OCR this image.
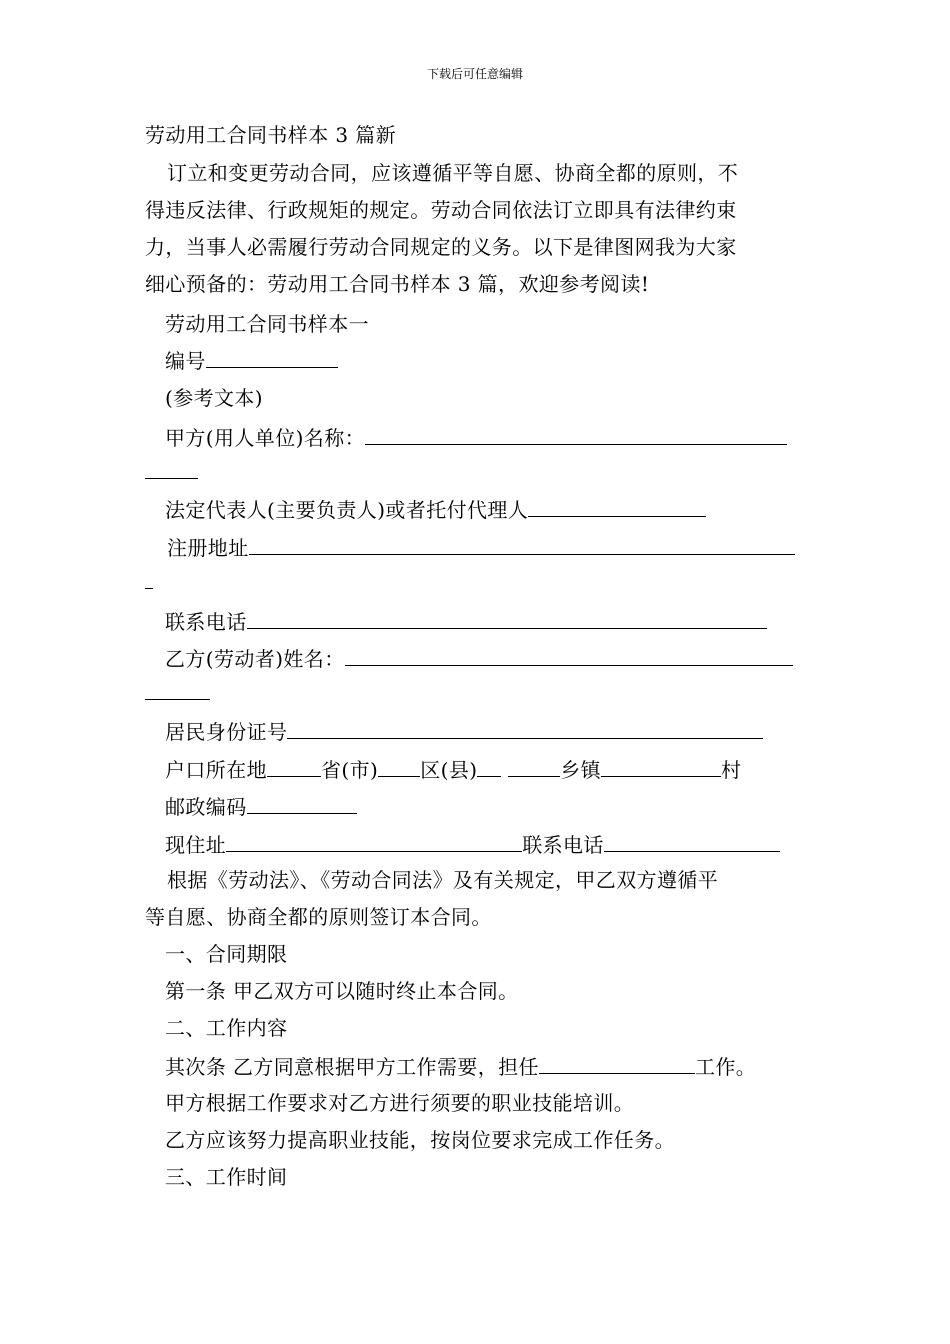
下载后可任意编辑
劳动用工合同书样本 3 篇新
订立和变更劳动合同，应该遵循平等自愿、协商全都的原则，不
得违反法律、行政规矩的规定。劳动合同依法订立即具有法律约束
力，当事人必需履行劳动合同规定的义务。以下是律图网我为大家
细心预备的：劳动用工合同书样本 3 篇，欢迎参考阅读!
劳动用工合同书样本一
编号
(参考文本)
甲方(用人单位)名称：
法定代表人(主要负责人)或者托付代理人
注册地址
联系电话
乙方(劳动者)姓名：
居民身份证号
户口所在地	省(市) 区(县)	乡镇	村
邮政编码
现住址	联系电话
根据《劳动法》、《劳动合同法》及有关规定，甲乙双方遵循平
等自愿、协商全都的原则签订本合同。
一、合同期限
第一条 甲乙双方可以随时终止本合同。
二、工作内容
其次条 乙方同意根据甲方工作需要，担任	工作。
甲方根据工作要求对乙方进行须要的职业技能培训。
乙方应该努力提高职业技能，按岗位要求完成工作任务。
三、工作时间
